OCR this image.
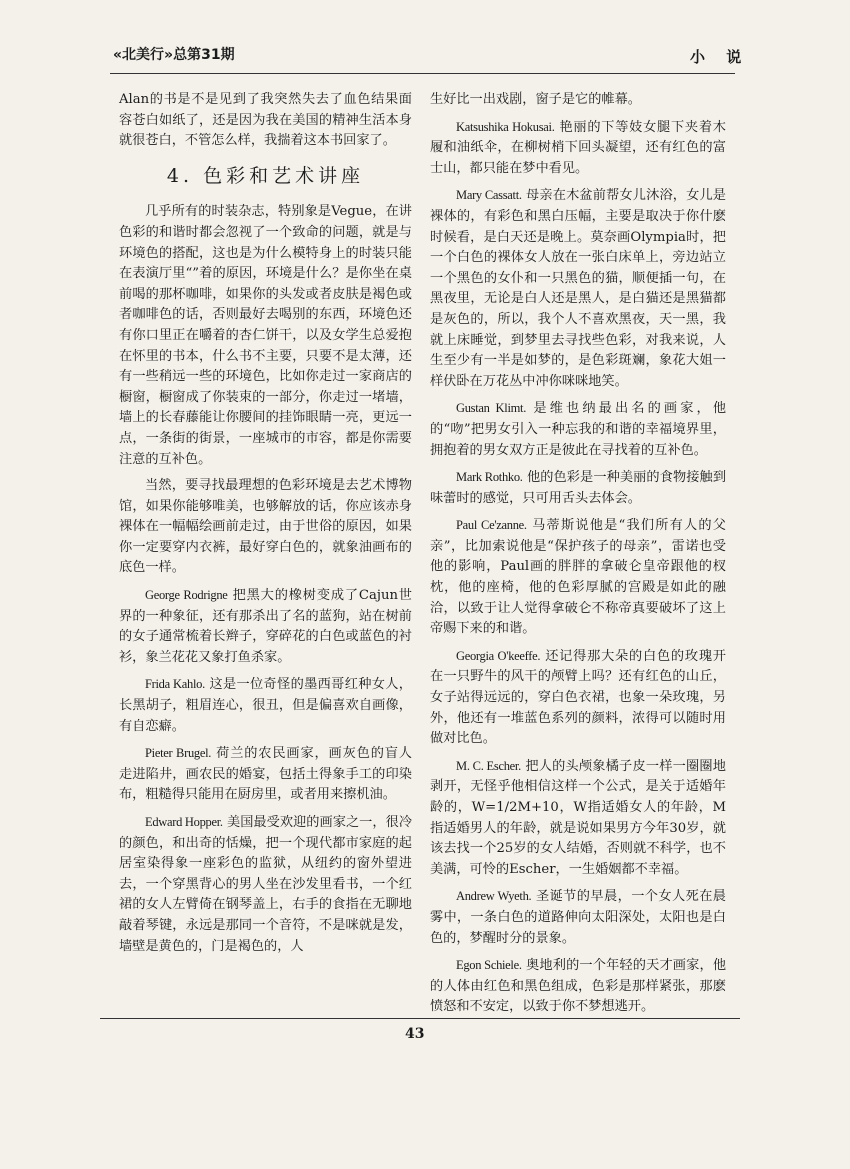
«北美行»总第31期	小 说

Alan的书是不是见到了我突然失去了血色结果面容苍白如纸了，还是因为我在美国的精神生活本身就很苍白，不管怎么样，我揣着这本书回家了。

4. 色彩和艺术讲座

几乎所有的时装杂志，特别象是Vegue，在讲色彩的和谐时都会忽视了一个致命的问题，就是与环境色的搭配，这也是为什么模特身上的时装只能在表演厅里“”着的原因，环境是什么？是你坐在桌前喝的那杯咖啡，如果你的头发或者皮肤是褐色或者咖啡色的话，否则最好去喝别的东西，环境色还有你口里正在嚼着的杏仁饼干，以及女学生总爱抱在怀里的书本，什么书不主要，只要不是太薄，还有一些稍远一些的环境色，比如你走过一家商店的橱窗，橱窗成了你装束的一部分，你走过一堵墙，墙上的长春藤能让你腰间的挂饰眼睛一亮，更远一点，一条街的街景，一座城市的市容，都是你需要注意的互补色。

当然，要寻找最理想的色彩环境是去艺术博物馆，如果你能够唯美，也够解放的话，你应该赤身裸体在一幅幅绘画前走过，由于世俗的原因，如果你一定要穿内衣裤，最好穿白色的，就象油画布的底色一样。

George Rodrigne 把黑大的橡树变成了Cajun世界的一种象征，还有那杀出了名的蓝狗，站在树前的女子通常梳着长辫子，穿碎花的白色或蓝色的衬衫，象兰花花又象打鱼杀家。

Frida Kahlo. 这是一位奇怪的墨西哥红种女人，长黑胡子，粗眉连心，很丑，但是偏喜欢自画像，有自恋癖。

Pieter Brugel. 荷兰的农民画家，画灰色的盲人走进陷井，画农民的婚宴，包括土得象手工的印染布，粗糙得只能用在厨房里，或者用来擦机油。

Edward Hopper. 美国最受欢迎的画家之一，很冷的颜色，和出奇的恬燥，把一个现代都市家庭的起居室染得象一座彩色的监狱，从纽约的窗外望进去，一个穿黑背心的男人坐在沙发里看书，一个红裙的女人左臂倚在钢琴盖上，右手的食指在无聊地敲着琴键，永远是那同一个音符，不是咪就是发，墙壁是黄色的，门是褐色的，人

生好比一出戏剧，窗子是它的帷幕。

Katsushika Hokusai. 艳丽的下等妓女腿下夹着木履和油纸伞，在柳树梢下回头凝望，还有红色的富士山，都只能在梦中看见。

Mary Cassatt. 母亲在木盆前帮女儿沐浴，女儿是裸体的，有彩色和黑白压幅，主要是取决于你什麽时候看，是白天还是晚上。莫奈画Olympia时，把一个白色的裸体女人放在一张白床单上，旁边站立一个黑色的女仆和一只黑色的猫，顺便插一句，在黑夜里，无论是白人还是黑人，是白猫还是黑猫都是灰色的，所以，我个人不喜欢黑夜，天一黑，我就上床睡觉，到梦里去寻找些色彩，对我来说，人生至少有一半是如梦的，是色彩斑斓，象花大姐一样伏卧在万花丛中冲你咪咪地笑。

Gustan Klimt. 是维也纳最出名的画家，他的“吻”把男女引入一种忘我的和谐的幸福境界里，拥抱着的男女双方正是彼此在寻找着的互补色。

Mark Rothko. 他的色彩是一种美丽的食物接触到味蕾时的感觉，只可用舌头去体会。

Paul Ce'zanne. 马蒂斯说他是“我们所有人的父亲”，比加索说他是“保护孩子的母亲”，雷诺也受他的影响，Paul画的胖胖的拿破仑皇帝跟他的杈枕，他的座椅，他的色彩厚腻的宫殿是如此的融洽，以致于让人觉得拿破仑不称帝真要破坏了这上帝赐下来的和谐。

Georgia O'keeffe. 还记得那大朵的白色的玫瑰开在一只野牛的风干的颅臂上吗？还有红色的山丘，女子站得远远的，穿白色衣裙，也象一朵玫瑰，另外，他还有一堆蓝色系列的颜料，浓得可以随时用做对比色。

M. C. Escher. 把人的头颅象橘子皮一样一圈圈地剥开，无怪乎他相信这样一个公式，是关于适婚年龄的，W=1/2M+10，W指适婚女人的年龄，M指适婚男人的年龄，就是说如果男方今年30岁，就该去找一个25岁的女人结婚，否则就不科学，也不美满，可怜的Escher，一生婚姻都不幸福。

Andrew Wyeth. 圣诞节的早晨，一个女人死在晨雾中，一条白色的道路伸向太阳深处，太阳也是白色的，梦醒时分的景象。

Egon Schiele. 奥地利的一个年轻的天才画家，他的人体由红色和黑色组成，色彩是那样紧张，那麽愤怒和不安定，以致于你不梦想逃开。

43
